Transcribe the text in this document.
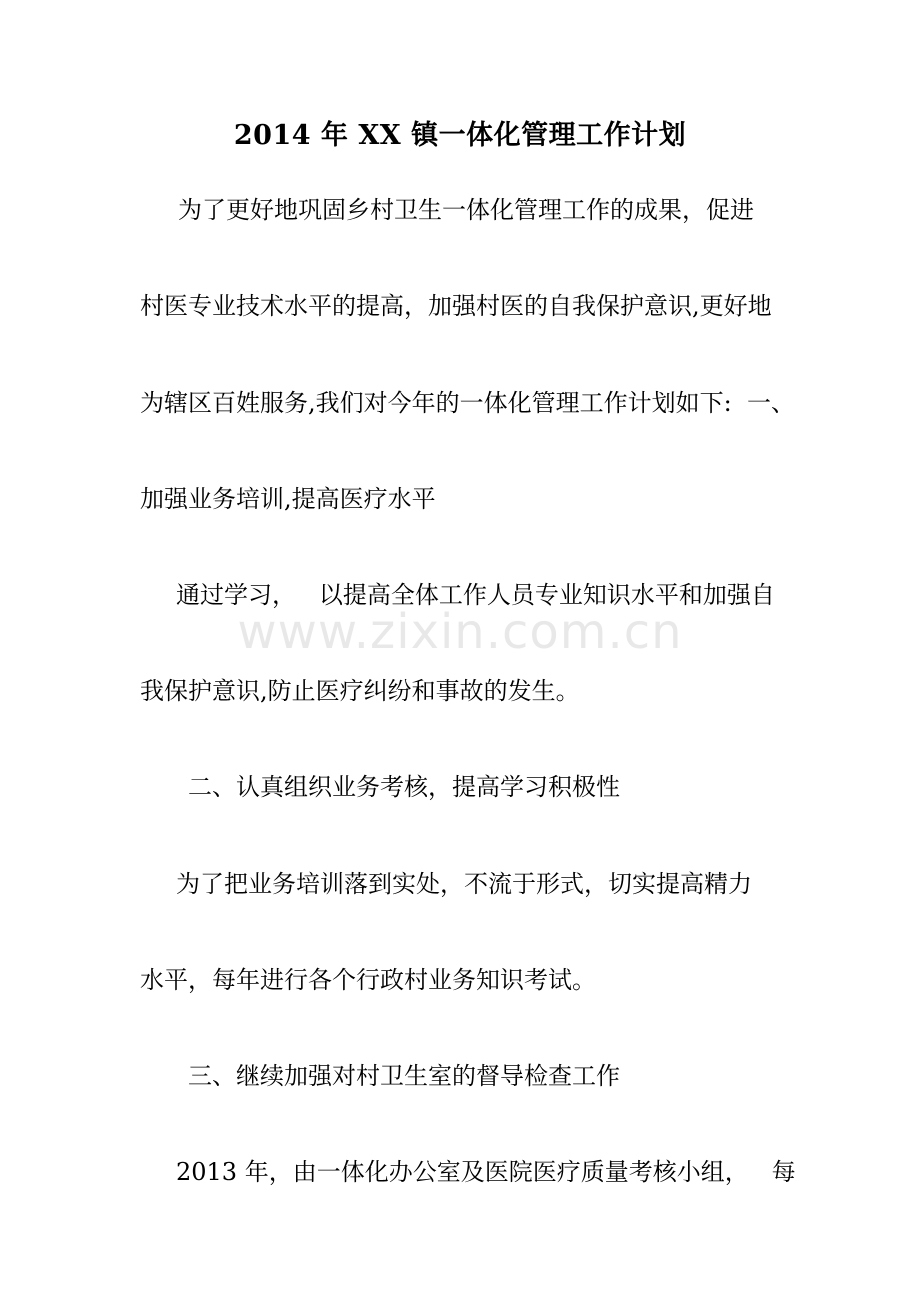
2014 年 XX 镇一体化管理工作计划
为了更好地巩固乡村卫生一体化管理工作的成果，促进
村医专业技术水平的提高，加强村医的自我保护意识,更好地
为辖区百姓服务,我们对今年的一体化管理工作计划如下:  一、
加强业务培训,提高医疗水平
通过学习，   以提高全体工作人员专业知识水平和加强自
我保护意识,防止医疗纠纷和事故的发生。
二、认真组织业务考核，提高学习积极性
为了把业务培训落到实处，不流于形式，切实提高精力
水平，每年进行各个行政村业务知识考试。
三、继续加强对村卫生室的督导检查工作
2013 年，由一体化办公室及医院医疗质量考核小组，   每
www.zixin.com.cn
